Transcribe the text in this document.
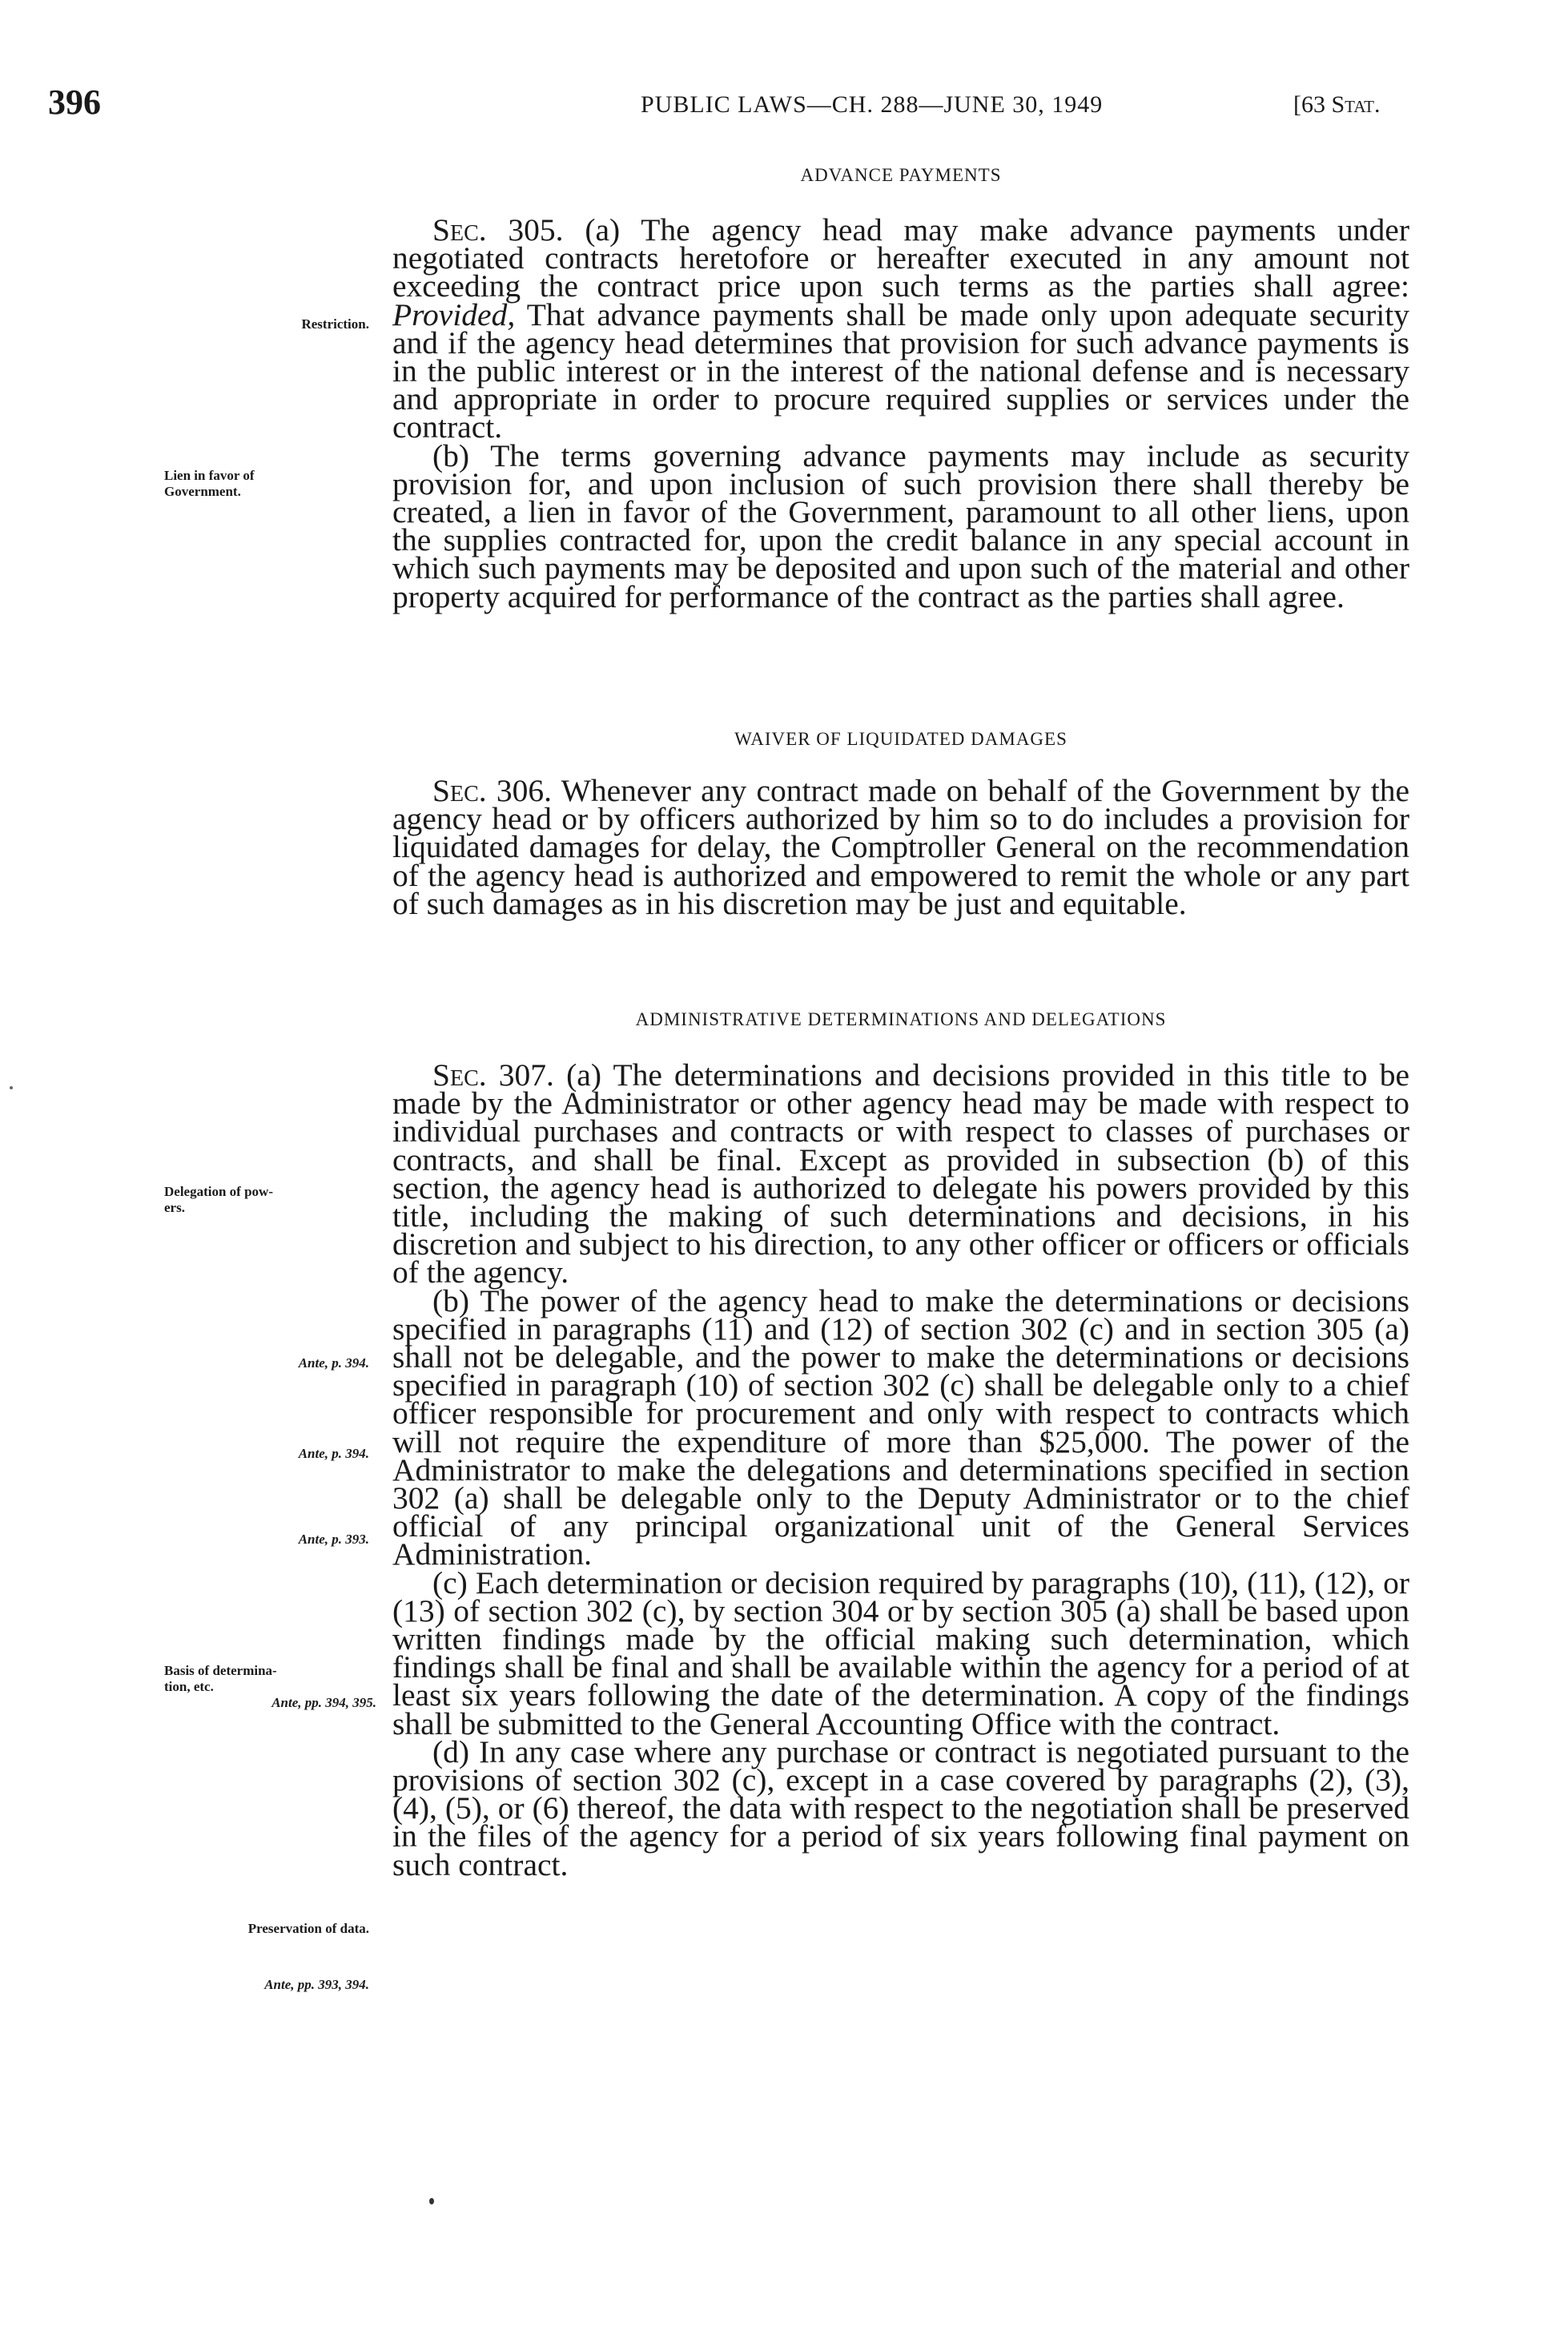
396	PUBLIC LAWS—CH. 288—JUNE 30, 1949	[63 Stat.
ADVANCE PAYMENTS

Sec. 305. (a) The agency head may make advance payments under negotiated contracts heretofore or hereafter executed in any amount not exceeding the contract price upon such terms as the parties shall agree: Provided, That advance payments shall be made only upon adequate security and if the agency head determines that provision for such advance payments is in the public interest or in the interest of the national defense and is necessary and appropriate in order to procure required supplies or services under the contract.

(b) The terms governing advance payments may include as security provision for, and upon inclusion of such provision there shall thereby be created, a lien in favor of the Government, paramount to all other liens, upon the supplies contracted for, upon the credit balance in any special account in which such payments may be deposited and upon such of the material and other property acquired for performance of the contract as the parties shall agree.

WAIVER OF LIQUIDATED DAMAGES

Sec. 306. Whenever any contract made on behalf of the Government by the agency head or by officers authorized by him so to do includes a provision for liquidated damages for delay, the Comptroller General on the recommendation of the agency head is authorized and empowered to remit the whole or any part of such damages as in his discretion may be just and equitable.

ADMINISTRATIVE DETERMINATIONS AND DELEGATIONS

Sec. 307. (a) The determinations and decisions provided in this title to be made by the Administrator or other agency head may be made with respect to individual purchases and contracts or with respect to classes of purchases or contracts, and shall be final. Except as provided in subsection (b) of this section, the agency head is authorized to delegate his powers provided by this title, including the making of such determinations and decisions, in his discretion and subject to his direction, to any other officer or officers or officials of the agency.

(b) The power of the agency head to make the determinations or decisions specified in paragraphs (11) and (12) of section 302 (c) and in section 305 (a) shall not be delegable, and the power to make the determinations or decisions specified in paragraph (10) of section 302 (c) shall be delegable only to a chief officer responsible for procurement and only with respect to contracts which will not require the expenditure of more than $25,000. The power of the Administrator to make the delegations and determinations specified in section 302 (a) shall be delegable only to the Deputy Administrator or to the chief official of any principal organizational unit of the General Services Administration.

(c) Each determination or decision required by paragraphs (10), (11), (12), or (13) of section 302 (c), by section 304 or by section 305 (a) shall be based upon written findings made by the official making such determination, which findings shall be final and shall be available within the agency for a period of at least six years following the date of the determination. A copy of the findings shall be submitted to the General Accounting Office with the contract.

(d) In any case where any purchase or contract is negotiated pursuant to the provisions of section 302 (c), except in a case covered by paragraphs (2), (3), (4), (5), or (6) thereof, the data with respect to the negotiation shall be preserved in the files of the agency for a period of six years following final payment on such contract.

Restriction.
Lien in favor of
Government.
Delegation of pow-
ers.
Ante, p. 394.
Ante, p. 394.
Ante, p. 393.
Basis of determina-
tion, etc.
Ante, pp. 394, 395.
Preservation of data.
Ante, pp. 393, 394.
